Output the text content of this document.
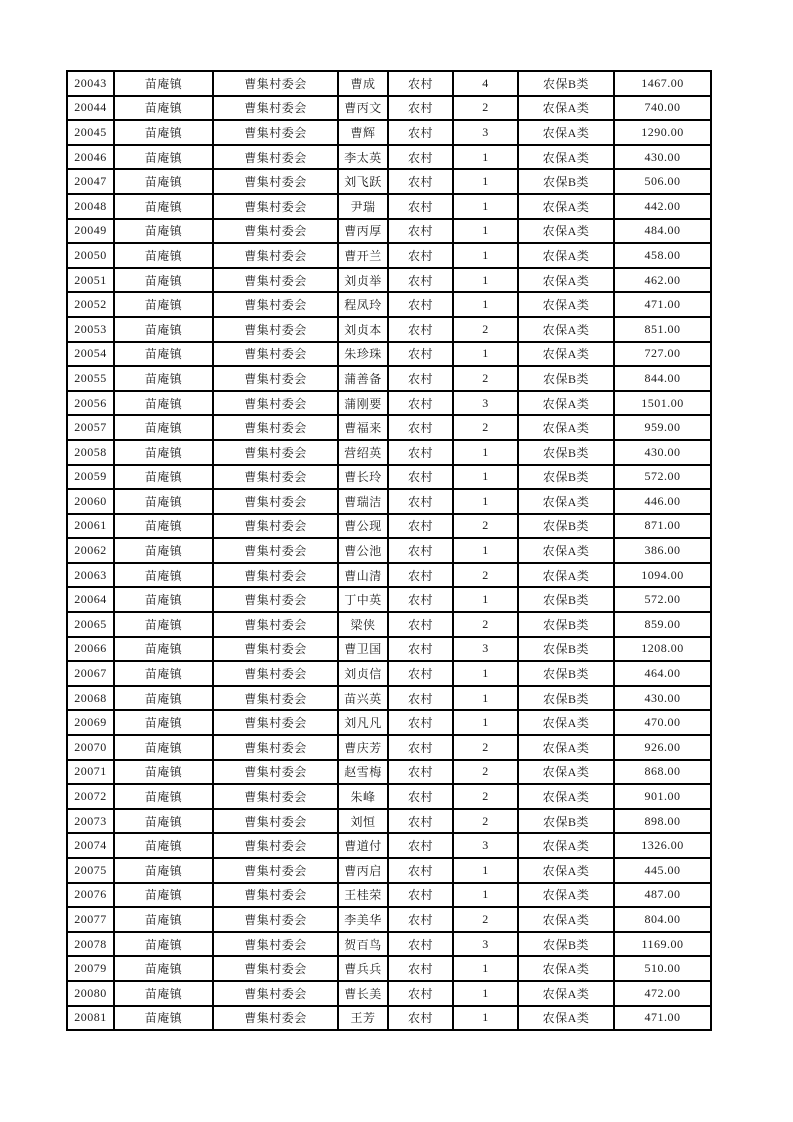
20043	苗庵镇	曹集村委会	曹成	农村	4	农保B类	1467.00
20044	苗庵镇	曹集村委会	曹丙文	农村	2	农保A类	740.00
20045	苗庵镇	曹集村委会	曹辉	农村	3	农保A类	1290.00
20046	苗庵镇	曹集村委会	李太英	农村	1	农保A类	430.00
20047	苗庵镇	曹集村委会	刘飞跃	农村	1	农保B类	506.00
20048	苗庵镇	曹集村委会	尹瑞	农村	1	农保A类	442.00
20049	苗庵镇	曹集村委会	曹丙厚	农村	1	农保A类	484.00
20050	苗庵镇	曹集村委会	曹开兰	农村	1	农保A类	458.00
20051	苗庵镇	曹集村委会	刘贞举	农村	1	农保A类	462.00
20052	苗庵镇	曹集村委会	程凤玲	农村	1	农保A类	471.00
20053	苗庵镇	曹集村委会	刘贞本	农村	2	农保A类	851.00
20054	苗庵镇	曹集村委会	朱珍珠	农村	1	农保A类	727.00
20055	苗庵镇	曹集村委会	蒲善备	农村	2	农保B类	844.00
20056	苗庵镇	曹集村委会	蒲刚要	农村	3	农保A类	1501.00
20057	苗庵镇	曹集村委会	曹福来	农村	2	农保A类	959.00
20058	苗庵镇	曹集村委会	营绍英	农村	1	农保B类	430.00
20059	苗庵镇	曹集村委会	曹长玲	农村	1	农保B类	572.00
20060	苗庵镇	曹集村委会	曹瑞洁	农村	1	农保A类	446.00
20061	苗庵镇	曹集村委会	曹公现	农村	2	农保B类	871.00
20062	苗庵镇	曹集村委会	曹公池	农村	1	农保A类	386.00
20063	苗庵镇	曹集村委会	曹山清	农村	2	农保A类	1094.00
20064	苗庵镇	曹集村委会	丁中英	农村	1	农保B类	572.00
20065	苗庵镇	曹集村委会	梁侠	农村	2	农保B类	859.00
20066	苗庵镇	曹集村委会	曹卫国	农村	3	农保B类	1208.00
20067	苗庵镇	曹集村委会	刘贞信	农村	1	农保B类	464.00
20068	苗庵镇	曹集村委会	苗兴英	农村	1	农保B类	430.00
20069	苗庵镇	曹集村委会	刘凡凡	农村	1	农保A类	470.00
20070	苗庵镇	曹集村委会	曹庆芳	农村	2	农保A类	926.00
20071	苗庵镇	曹集村委会	赵雪梅	农村	2	农保A类	868.00
20072	苗庵镇	曹集村委会	朱峰	农村	2	农保A类	901.00
20073	苗庵镇	曹集村委会	刘恒	农村	2	农保B类	898.00
20074	苗庵镇	曹集村委会	曹道付	农村	3	农保A类	1326.00
20075	苗庵镇	曹集村委会	曹丙启	农村	1	农保A类	445.00
20076	苗庵镇	曹集村委会	王桂荣	农村	1	农保A类	487.00
20077	苗庵镇	曹集村委会	李美华	农村	2	农保A类	804.00
20078	苗庵镇	曹集村委会	贺百鸟	农村	3	农保B类	1169.00
20079	苗庵镇	曹集村委会	曹兵兵	农村	1	农保A类	510.00
20080	苗庵镇	曹集村委会	曹长美	农村	1	农保A类	472.00
20081	苗庵镇	曹集村委会	王芳	农村	1	农保A类	471.00
